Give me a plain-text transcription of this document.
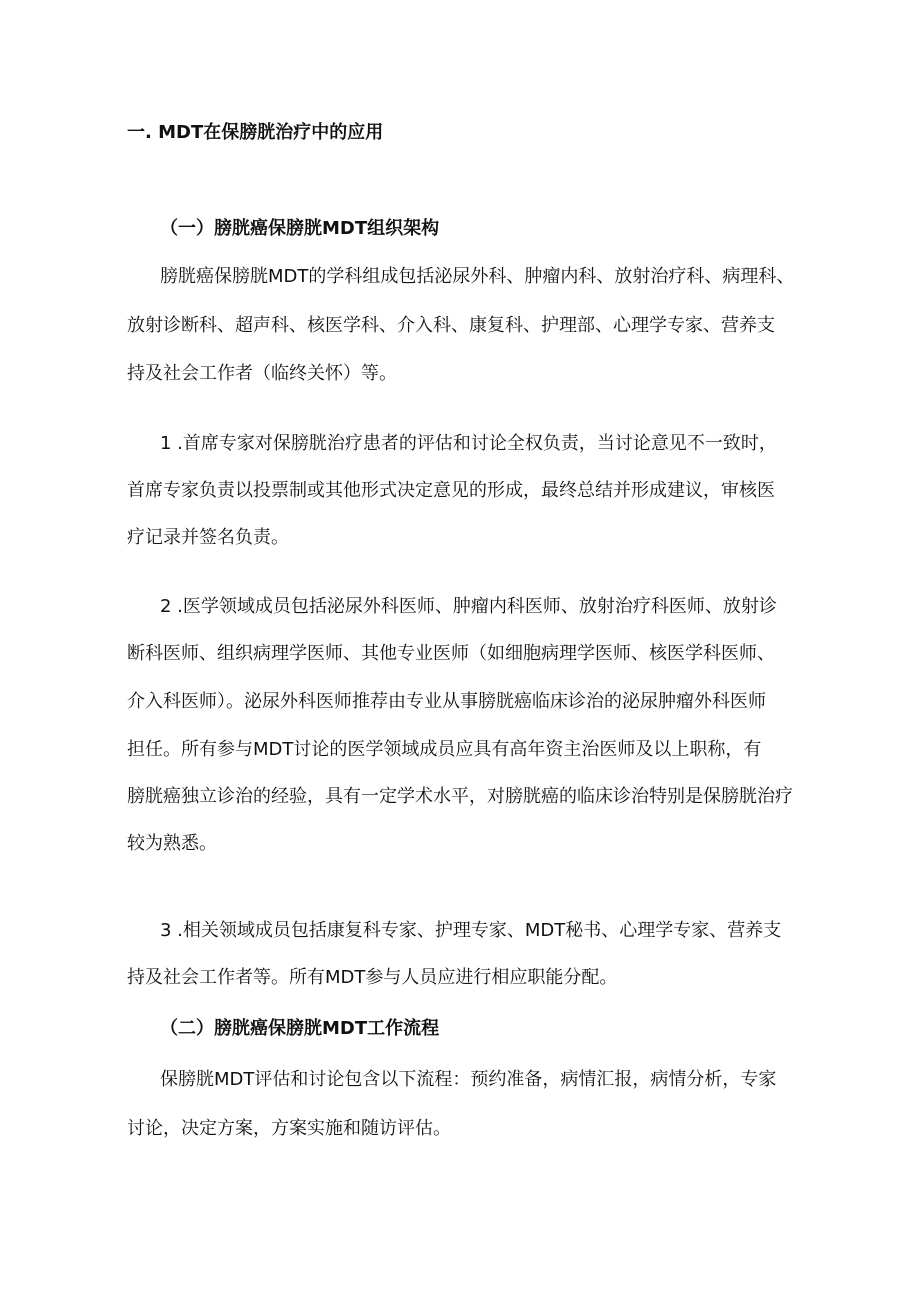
一. MDT在保膀胱治疗中的应用
（一）膀胱癌保膀胱MDT组织架构
膀胱癌保膀胱MDT的学科组成包括泌尿外科、肿瘤内科、放射治疗科、病理科、
放射诊断科、超声科、核医学科、介入科、康复科、护理部、心理学专家、营养支
持及社会工作者（临终关怀）等。
1 .首席专家对保膀胱治疗患者的评估和讨论全权负责，当讨论意见不一致时，
首席专家负责以投票制或其他形式决定意见的形成，最终总结并形成建议，审核医
疗记录并签名负责。
2 .医学领域成员包括泌尿外科医师、肿瘤内科医师、放射治疗科医师、放射诊
断科医师、组织病理学医师、其他专业医师（如细胞病理学医师、核医学科医师、
介入科医师）。泌尿外科医师推荐由专业从事膀胱癌临床诊治的泌尿肿瘤外科医师
担任。所有参与MDT讨论的医学领域成员应具有高年资主治医师及以上职称，有
膀胱癌独立诊治的经验，具有一定学术水平，对膀胱癌的临床诊治特别是保膀胱治疗
较为熟悉。
3 .相关领域成员包括康复科专家、护理专家、MDT秘书、心理学专家、营养支
持及社会工作者等。所有MDT参与人员应进行相应职能分配。
（二）膀胱癌保膀胱MDT工作流程
保膀胱MDT评估和讨论包含以下流程：预约准备，病情汇报，病情分析，专家
讨论，决定方案，方案实施和随访评估。
